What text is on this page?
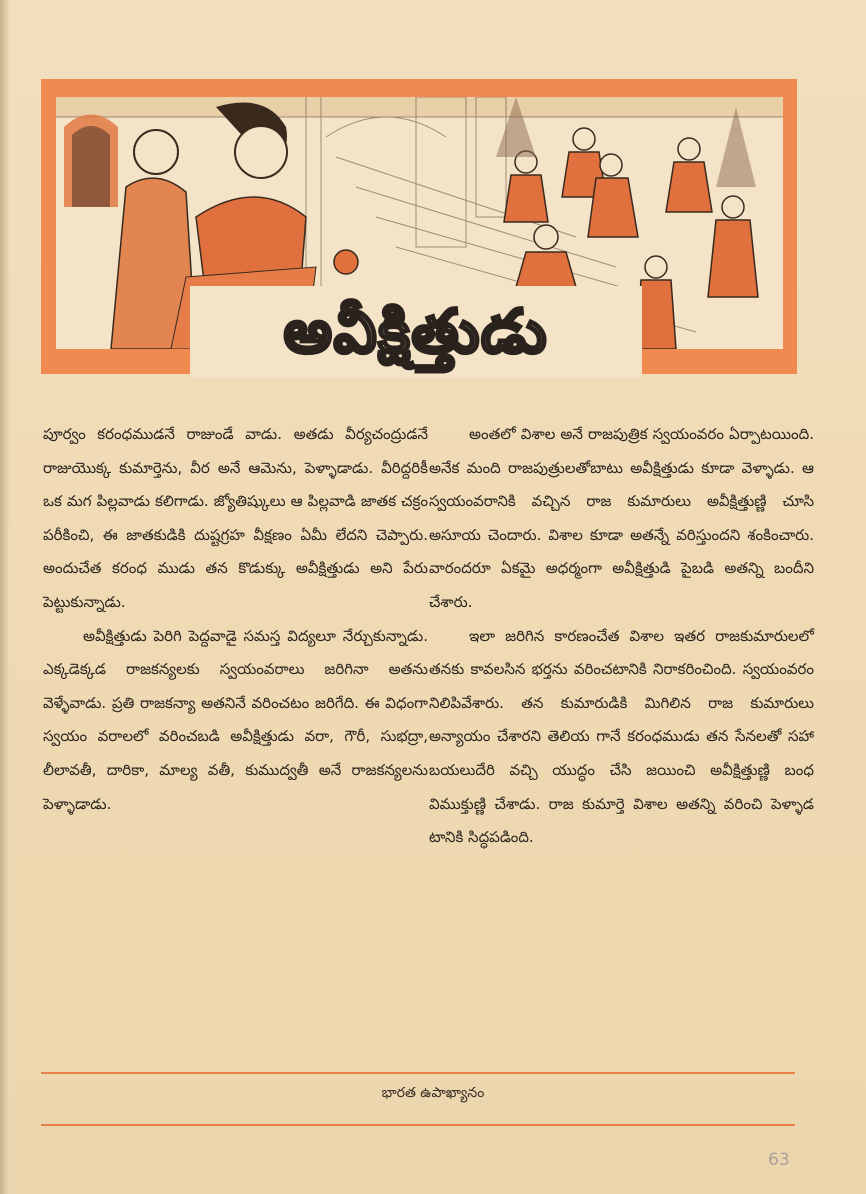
అవీక్షిత్తుడు

పూర్వం కరంధముడనే రాజుండే వాడు. అతడు వీర్యచంద్రుడనే రాజుయొక్క కుమార్తెను, వీర అనే ఆమెను, పెళ్ళాడాడు. వీరిద్దరికీ ఒక మగ పిల్లవాడు కలిగాడు. జ్యోతిష్కులు ఆ పిల్లవాడి జాతక చక్రం పరీకించి, ఈ జాతకుడికి దుష్టగ్రహ వీక్షణం ఏమీ లేదని చెప్పారు. అందుచేత కరంధ ముడు తన కొడుక్కు అవీక్షిత్తుడు అని పేరు పెట్టుకున్నాడు.

అవీక్షిత్తుడు పెరిగి పెద్దవాడై సమస్త విద్యలూ నేర్చుకున్నాడు. ఎక్కడెక్కడ రాజకన్యలకు స్వయంవరాలు జరిగినా అతను వెళ్ళేవాడు. ప్రతి రాజకన్యా అతనినే వరించటం జరిగేది. ఈ విధంగా స్వయం వరాలలో వరించబడి అవీక్షిత్తుడు వరా, గౌరీ, సుభద్రా, లీలావతీ, దారికా, మాల్య వతీ, కుముద్వతీ అనే రాజకన్యలను పెళ్ళాడాడు.

అంతలో విశాల అనే రాజపుత్రిక స్వయంవరం ఏర్పాటయింది. అనేక మంది రాజపుత్రులతోబాటు అవీక్షిత్తుడు కూడా వెళ్ళాడు. ఆ స్వయంవరానికి వచ్చిన రాజ కుమారులు అవీక్షిత్తుణ్ణి చూసి అసూయ చెందారు. విశాల కూడా అతన్నే వరిస్తుందని శంకించారు. వారందరూ ఏకమై అధర్మంగా అవీక్షిత్తుడి పైబడి అతన్ని బందీని చేశారు.

ఇలా జరిగిన కారణంచేత విశాల ఇతర రాజకుమారులలో తనకు కావలసిన భర్తను వరించటానికి నిరాకరించింది. స్వయంవరం నిలిపివేశారు. తన కుమారుడికి మిగిలిన రాజ కుమారులు అన్యాయం చేశారని తెలియ గానే కరంధముడు తన సేనలతో సహా బయలుదేరి వచ్చి యుద్ధం చేసి జయించి అవీక్షిత్తుణ్ణి బంధ విముక్తుణ్ణి చేశాడు. రాజ కుమార్తె విశాల అతన్ని వరించి పెళ్ళాడ టానికి సిద్ధపడింది.

భారత ఉపాఖ్యానం
63
